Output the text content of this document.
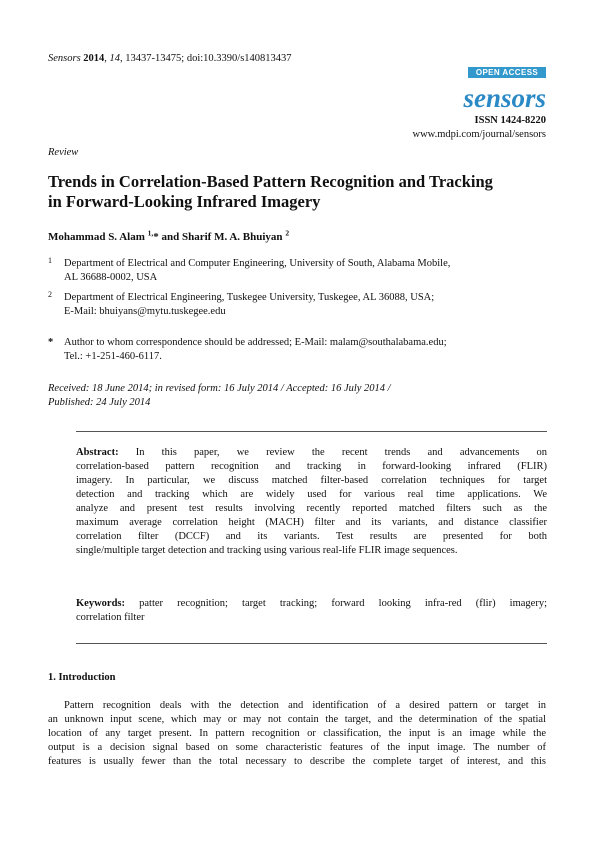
Sensors 2014, 14, 13437-13475; doi:10.3390/s140813437
OPEN ACCESS
sensors
ISSN 1424-8220
www.mdpi.com/journal/sensors
Review
Trends in Correlation-Based Pattern Recognition and Tracking
in Forward-Looking Infrared Imagery
Mohammad S. Alam $^{1,}$* and Sharif M. A. Bhuiyan $^2$
1 Department of Electrical and Computer Engineering, University of South, Alabama Mobile,
AL 36688-0002, USA
2 Department of Electrical Engineering, Tuskegee University, Tuskegee, AL 36088, USA;
E-Mail: bhuiyans@mytu.tuskegee.edu
* Author to whom correspondence should be addressed; E-Mail: malam@southalabama.edu;
Tel.: +1-251-460-6117.
Received: 18 June 2014; in revised form: 16 July 2014 / Accepted: 16 July 2014 /
Published: 24 July 2014
Abstract: In this paper, we review the recent trends and advancements on
correlation-based pattern recognition and tracking in forward-looking infrared (FLIR)
imagery. In particular, we discuss matched filter-based correlation techniques for target
detection and tracking which are widely used for various real time applications. We
analyze and present test results involving recently reported matched filters such as the
maximum average correlation height (MACH) filter and its variants, and distance classifier
correlation filter (DCCF) and its variants. Test results are presented for both
single/multiple target detection and tracking using various real-life FLIR image sequences.
Keywords: patter recognition; target tracking; forward looking infra-red (flir) imagery;
correlation filter
1. Introduction
Pattern recognition deals with the detection and identification of a desired pattern or target in
an unknown input scene, which may or may not contain the target, and the determination of the spatial
location of any target present. In pattern recognition or classification, the input is an image while the
output is a decision signal based on some characteristic features of the input image. The number of
features is usually fewer than the total necessary to describe the complete target of interest, and this
